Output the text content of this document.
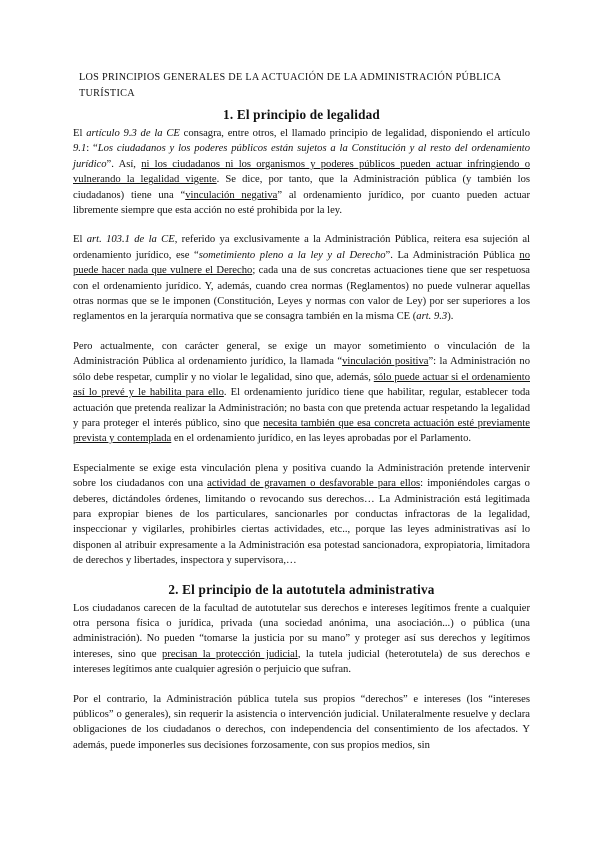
LOS PRINCIPIOS GENERALES DE LA ACTUACIÓN DE LA ADMINISTRACIÓN PÚBLICA TURÍSTICA
1. El principio de legalidad

El artículo 9.3 de la CE consagra, entre otros, el llamado principio de legalidad, disponiendo el artículo 9.1: “Los ciudadanos y los poderes públicos están sujetos a la Constitución y al resto del ordenamiento jurídico”. Así, ni los ciudadanos ni los organismos y poderes públicos pueden actuar infringiendo o vulnerando la legalidad vigente. Se dice, por tanto, que la Administración pública (y también los ciudadanos) tiene una “vinculación negativa” al ordenamiento jurídico, por cuanto pueden actuar libremente siempre que esta acción no esté prohibida por la ley.

El art. 103.1 de la CE, referido ya exclusivamente a la Administración Pública, reitera esa sujeción al ordenamiento jurídico, ese “sometimiento pleno a la ley y al Derecho”. La Administración Pública no puede hacer nada que vulnere el Derecho; cada una de sus concretas actuaciones tiene que ser respetuosa con el ordenamiento jurídico. Y, además, cuando crea normas (Reglamentos) no puede vulnerar aquellas otras normas que se le imponen (Constitución, Leyes y normas con valor de Ley) por ser superiores a los reglamentos en la jerarquía normativa que se consagra también en la misma CE (art. 9.3).

Pero actualmente, con carácter general, se exige un mayor sometimiento o vinculación de la Administración Pública al ordenamiento jurídico, la llamada “vinculación positiva”: la Administración no sólo debe respetar, cumplir y no violar le legalidad, sino que, además, sólo puede actuar si el ordenamiento así lo prevé y le habilita para ello. El ordenamiento jurídico tiene que habilitar, regular, establecer toda actuación que pretenda realizar la Administración; no basta con que pretenda actuar respetando la legalidad y para proteger el interés público, sino que necesita también que esa concreta actuación esté previamente prevista y contemplada en el ordenamiento jurídico, en las leyes aprobadas por el Parlamento.

Especialmente se exige esta vinculación plena y positiva cuando la Administración pretende intervenir sobre los ciudadanos con una actividad de gravamen o desfavorable para ellos: imponiéndoles cargas o deberes, dictándoles órdenes, limitando o revocando sus derechos… La Administración está legitimada para expropiar bienes de los particulares, sancionarles por conductas infractoras de la legalidad, inspeccionar y vigilarles, prohibirles ciertas actividades, etc.., porque las leyes administrativas así lo disponen al atribuir expresamente a la Administración esa potestad sancionadora, expropiatoria, limitadora de derechos y libertades, inspectora y supervisora,…

2. El principio de la autotutela administrativa

Los ciudadanos carecen de la facultad de autotutelar sus derechos e intereses legítimos frente a cualquier otra persona física o jurídica, privada (una sociedad anónima, una asociación...) o pública (una administración). No pueden “tomarse la justicia por su mano” y proteger así sus derechos y legítimos intereses, sino que precisan la protección judicial, la tutela judicial (heterotutela) de sus derechos e intereses legítimos ante cualquier agresión o perjuicio que sufran.

Por el contrario, la Administración pública tutela sus propios “derechos” e intereses (los “intereses públicos” o generales), sin requerir la asistencia o intervención judicial. Unilateralmente resuelve y declara obligaciones de los ciudadanos o derechos, con independencia del consentimiento de los afectados. Y además, puede imponerles sus decisiones forzosamente, con sus propios medios, sin
